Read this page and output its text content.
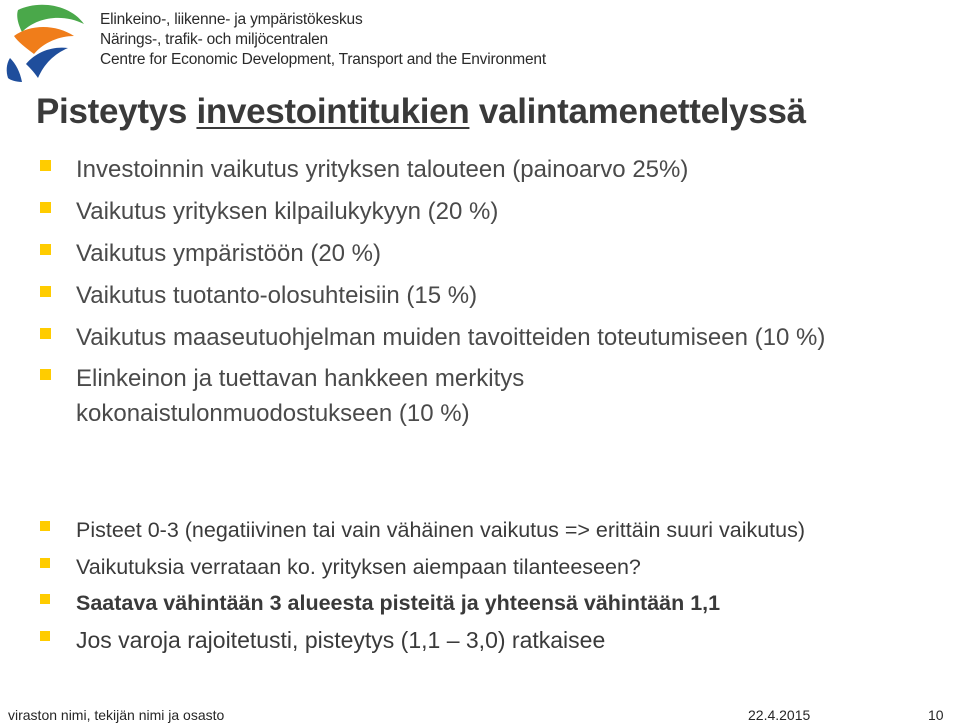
Elinkeino-, liikenne- ja ympäristökeskus
Närings-, trafik- och miljöcentralen
Centre for Economic Development, Transport and the Environment
Pisteytys investointitukien valintamenettelyssä
Investoinnin vaikutus yrityksen talouteen (painoarvo 25%)
Vaikutus yrityksen kilpailukykyyn (20 %)
Vaikutus ympäristöön (20 %)
Vaikutus tuotanto-olosuhteisiin (15 %)
Vaikutus maaseutuohjelman muiden tavoitteiden toteutumiseen (10 %)
Elinkeinon ja tuettavan hankkeen merkitys kokonaistulonmuodostukseen (10 %)
Pisteet 0-3 (negatiivinen tai vain vähäinen vaikutus => erittäin suuri vaikutus)
Vaikutuksia verrataan ko. yrityksen aiempaan tilanteeseen?
Saatava vähintään 3 alueesta pisteitä ja yhteensä vähintään 1,1
Jos varoja rajoitetusti, pisteytys (1,1 – 3,0) ratkaisee
viraston nimi, tekijän nimi ja osasto	22.4.2015	10
